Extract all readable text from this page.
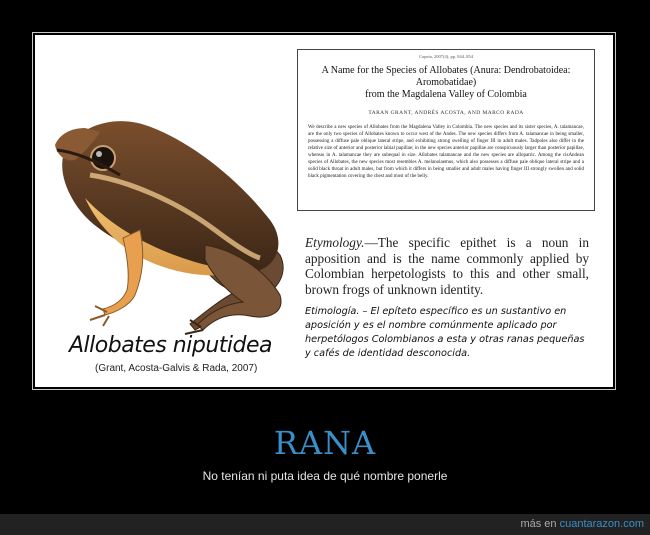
Allobates niputidea
(Grant, Acosta-Galvis & Rada, 2007)
Copeia, 2007(4), pp. 844–854
A Name for the Species of Allobates (Anura: Dendrobatoidea: Aromobatidae)
from the Magdalena Valley of Colombia
TARAN GRANT, ANDRÉS ACOSTA, AND MARCO RADA
We describe a new species of Allobates from the Magdalena Valley in Colombia. The new species and its sister species, A. talamancae, are the only two species of Allobates known to occur west of the Andes. The new species differs from A. talamancae in being smaller, possessing a diffuse pale oblique lateral stripe, and exhibiting strong swelling of finger III in adult males. Tadpoles also differ in the relative size of anterior and posterior labial papillae; in the new species anterior papillae are conspicuously larger than posterior papillae, whereas in A. talamancae they are subequal in size. Allobates talamancae and the new species are allopatric. Among the cisAndean species of Allobates, the new species most resembles A. melanolaemus, which also possesses a diffuse pale oblique lateral stripe and a solid black throat in adult males, but from which it differs in being smaller and adult males having finger III strongly swollen and solid black pigmentation covering the chest and most of the belly.
Etymology.—The specific epithet is a noun in apposition and is the name commonly applied by Colombian herpetologists to this and other small, brown frogs of unknown identity.
Etimología. – El epíteto específico es un sustantivo en aposición y es el nombre comúnmente aplicado por herpetólogos Colombianos a esta y otras ranas pequeñas y cafés de identidad desconocida.
RANA
No tenían ni puta idea de qué nombre ponerle
más en cuantarazon.com
